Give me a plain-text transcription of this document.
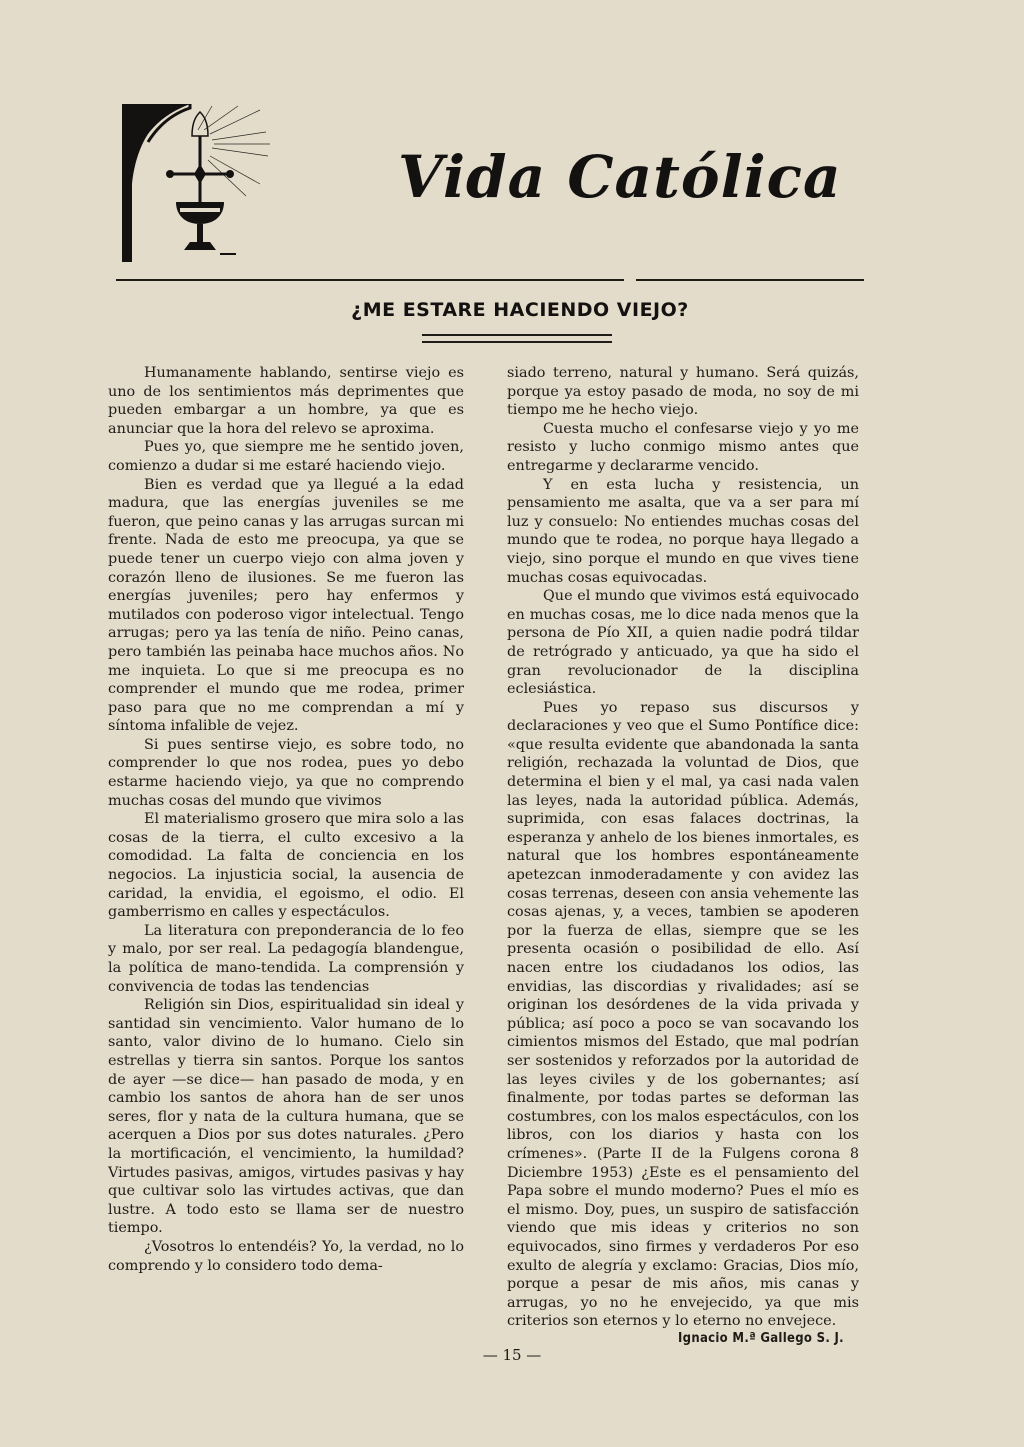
Vida Católica
¿ME ESTARE HACIENDO VIEJO?

Humanamente hablando, sentirse viejo es uno de los sentimientos más deprimentes que pueden embargar a un hombre, ya que es anunciar que la hora del relevo se aproxima.

Pues yo, que siempre me he sentido joven, comienzo a dudar si me estaré haciendo viejo.

Bien es verdad que ya llegué a la edad madura, que las energías juveniles se me fueron, que peino canas y las arrugas surcan mi frente. Nada de esto me preocupa, ya que se puede tener un cuerpo viejo con alma joven y corazón lleno de ilusiones. Se me fueron las energías juveniles; pero hay enfermos y mutilados con poderoso vigor intelectual. Tengo arrugas; pero ya las tenía de niño. Peino canas, pero también las peinaba hace muchos años. No me inquieta. Lo que si me preocupa es no comprender el mundo que me rodea, primer paso para que no me comprendan a mí y síntoma infalible de vejez.

Si pues sentirse viejo, es sobre todo, no comprender lo que nos rodea, pues yo debo estarme haciendo viejo, ya que no comprendo muchas cosas del mundo que vivimos

El materialismo grosero que mira solo a las cosas de la tierra, el culto excesivo a la comodidad. La falta de conciencia en los negocios. La injusticia social, la ausencia de caridad, la envidia, el egoismo, el odio. El gamberrismo en calles y espectáculos.

La literatura con preponderancia de lo feo y malo, por ser real. La pedagogía blandengue, la política de mano-tendida. La comprensión y convivencia de todas las tendencias

Religión sin Dios, espiritualidad sin ideal y santidad sin vencimiento. Valor humano de lo santo, valor divino de lo humano. Cielo sin estrellas y tierra sin santos. Porque los santos de ayer —se dice— han pasado de moda, y en cambio los santos de ahora han de ser unos seres, flor y nata de la cultura humana, que se acerquen a Dios por sus dotes naturales. ¿Pero la mortificación, el vencimiento, la humildad? Virtudes pasivas, amigos, virtudes pasivas y hay que cultivar solo las virtudes activas, que dan lustre. A todo esto se llama ser de nuestro tiempo.

¿Vosotros lo entendéis? Yo, la verdad, no lo comprendo y lo considero todo dema-

siado terreno, natural y humano. Será quizás, porque ya estoy pasado de moda, no soy de mi tiempo me he hecho viejo.

Cuesta mucho el confesarse viejo y yo me resisto y lucho conmigo mismo antes que entregarme y declararme vencido.

Y en esta lucha y resistencia, un pensamiento me asalta, que va a ser para mí luz y consuelo: No entiendes muchas cosas del mundo que te rodea, no porque haya llegado a viejo, sino porque el mundo en que vives tiene muchas cosas equivocadas.

Que el mundo que vivimos está equivocado en muchas cosas, me lo dice nada menos que la persona de Pío XII, a quien nadie podrá tildar de retrógrado y anticuado, ya que ha sido el gran revolucionador de la disciplina eclesiástica.

Pues yo repaso sus discursos y declaraciones y veo que el Sumo Pontífice dice: «que resulta evidente que abandonada la santa religión, rechazada la voluntad de Dios, que determina el bien y el mal, ya casi nada valen las leyes, nada la autoridad pública. Además, suprimida, con esas falaces doctrinas, la esperanza y anhelo de los bienes inmortales, es natural que los hombres espontáneamente apetezcan inmoderadamente y con avidez las cosas terrenas, deseen con ansia vehemente las cosas ajenas, y, a veces, tambien se apoderen por la fuerza de ellas, siempre que se les presenta ocasión o posibilidad de ello. Así nacen entre los ciudadanos los odios, las envidias, las discordias y rivalidades; así se originan los desórdenes de la vida privada y pública; así poco a poco se van socavando los cimientos mismos del Estado, que mal podrían ser sostenidos y reforzados por la autoridad de las leyes civiles y de los gobernantes; así finalmente, por todas partes se deforman las costumbres, con los malos espectáculos, con los libros, con los diarios y hasta con los crímenes». (Parte II de la Fulgens corona 8 Diciembre 1953) ¿Este es el pensamiento del Papa sobre el mundo moderno? Pues el mío es el mismo. Doy, pues, un suspiro de satisfacción viendo que mis ideas y criterios no son equivocados, sino firmes y verdaderos Por eso exulto de alegría y exclamo: Gracias, Dios mío, porque a pesar de mis años, mis canas y arrugas, yo no he envejecido, ya que mis criterios son eternos y lo eterno no envejece.

Ignacio M.ª Gallego S. J.

— 15 —
